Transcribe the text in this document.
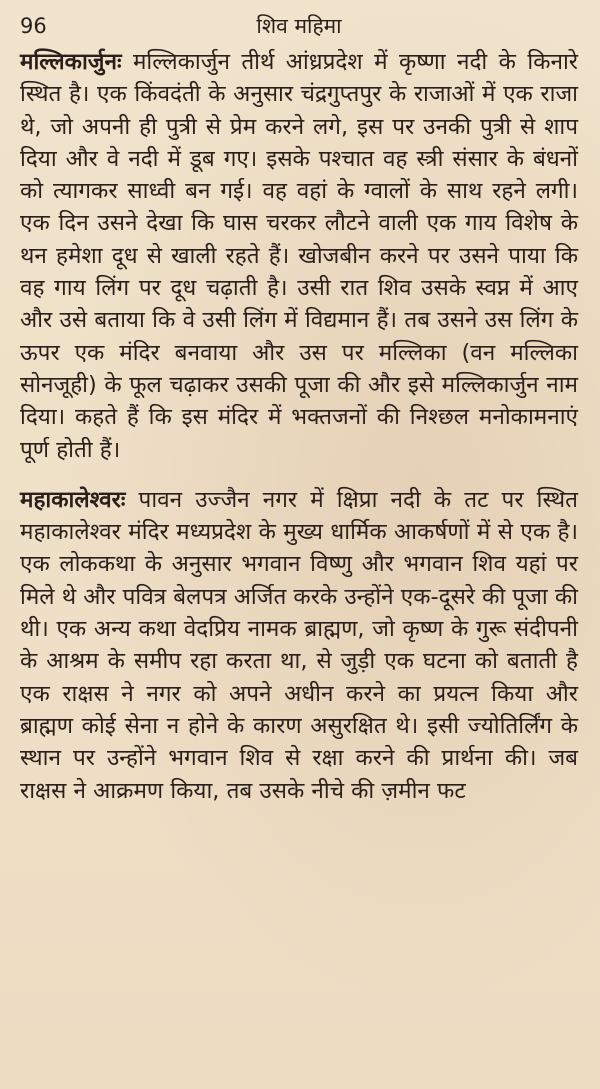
96	शिव महिमा

मल्लिकार्जुनः मल्लिकार्जुन तीर्थ आंध्रप्रदेश में कृष्णा नदी के किनारे स्थित है। एक किंवदंती के अनुसार चंद्रगुप्तपुर के राजाओं में एक राजा थे, जो अपनी ही पुत्री से प्रेम करने लगे, इस पर उनकी पुत्री से शाप दिया और वे नदी में डूब गए। इसके पश्चात वह स्त्री संसार के बंधनों को त्यागकर साध्वी बन गई। वह वहां के ग्वालों के साथ रहने लगी। एक दिन उसने देखा कि घास चरकर लौटने वाली एक गाय विशेष के थन हमेशा दूध से खाली रहते हैं। खोजबीन करने पर उसने पाया कि वह गाय लिंग पर दूध चढ़ाती है। उसी रात शिव उसके स्वप्न में आए और उसे बताया कि वे उसी लिंग में विद्यमान हैं। तब उसने उस लिंग के ऊपर एक मंदिर बनवाया और उस पर मल्लिका (वन मल्लिका सोनजूही) के फूल चढ़ाकर उसकी पूजा की और इसे मल्लिकार्जुन नाम दिया। कहते हैं कि इस मंदिर में भक्तजनों की निश्छल मनोकामनाएं पूर्ण होती हैं।

महाकालेश्वरः पावन उज्जैन नगर में क्षिप्रा नदी के तट पर स्थित महाकालेश्वर मंदिर मध्यप्रदेश के मुख्य धार्मिक आकर्षणों में से एक है। एक लोककथा के अनुसार भगवान विष्णु और भगवान शिव यहां पर मिले थे और पवित्र बेलपत्र अर्जित करके उन्होंने एक-दूसरे की पूजा की थी। एक अन्य कथा वेदप्रिय नामक ब्राह्मण, जो कृष्ण के गुरू संदीपनी के आश्रम के समीप रहा करता था, से जुड़ी एक घटना को बताती है एक राक्षस ने नगर को अपने अधीन करने का प्रयत्न किया और ब्राह्मण कोई सेना न होने के कारण असुरक्षित थे। इसी ज्योतिर्लिंग के स्थान पर उन्होंने भगवान शिव से रक्षा करने की प्रार्थना की। जब राक्षस ने आक्रमण किया, तब उसके नीचे की ज़मीन फट
